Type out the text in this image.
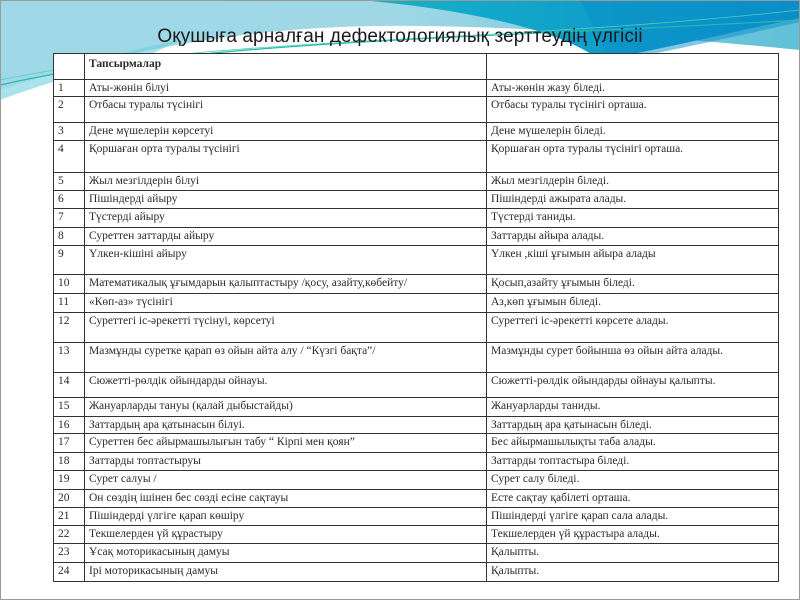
Оқушыға арналған дефектологиялық зерттеудің үлгісіі
	Тапсырмалар	
1	Аты-жөнін білуі	Аты-жөнін жазу біледі.
2	Отбасы туралы түсінігі	Отбасы туралы түсінігі орташа.
3	Дене мүшелерін көрсетуі	Дене мүшелерін біледі.
4	Қоршаған орта туралы түсінігі	Қоршаған орта туралы түсінігі орташа.
5	Жыл мезгілдерін білуі	Жыл мезгілдерін біледі.
6	Пішіндерді айыру	Пішіндерді ажырата алады.
7	Түстерді айыру	Түстерді таниды.
8	Суреттен заттарды айыру	Заттарды айыра алады.
9	Үлкен-кішіні айыру	Үлкен ,кіші ұғымын айыра алады
10	Математикалық ұғымдарын қалыптастыру /қосу, азайту,көбейту/	Қосып,азайту ұғымын біледі.
11	«Көп-аз» түсінігі	Аз,көп ұғымын біледі.
12	Суреттегі іс-әрекетті түсінуі, көрсетуі	Суреттегі іс-әрекетті көрсете алады.
13	Мазмұнды суретке қарап өз ойын айта алу / “Күзгі бақта”/	Мазмұнды сурет бойынша өз ойын айта алады.
14	Сюжетті-рөлдік ойындарды ойнауы.	Сюжетті-рөлдік ойындарды ойнауы қалыпты.
15	Жануарларды тануы (қалай дыбыстайды)	Жануарларды таниды.
16	Заттардың ара қатынасын білуі.	Заттардың ара қатынасын біледі.
17	Суреттен бес айырмашылығын табу “ Кірпі мен қоян”	Бес айырмашылықты таба алады.
18	Заттарды топтастыруы	Заттарды топтастыра біледі.
19	Сурет салуы /	Сурет салу біледі.
20	Он сөздің ішінен бес сөзді есіне сақтауы	Есте сақтау қабілеті орташа.
21	Пішіндерді үлгіге қарап көшіру	Пішіндерді үлгіге қарап сала алады.
22	Текшелерден үй құрастыру	Текшелерден үй құрастыра алады.
23	Ұсақ моторикасының дамуы	Қалыпты.
24	Ірі моторикасының дамуы	Қалыпты.
